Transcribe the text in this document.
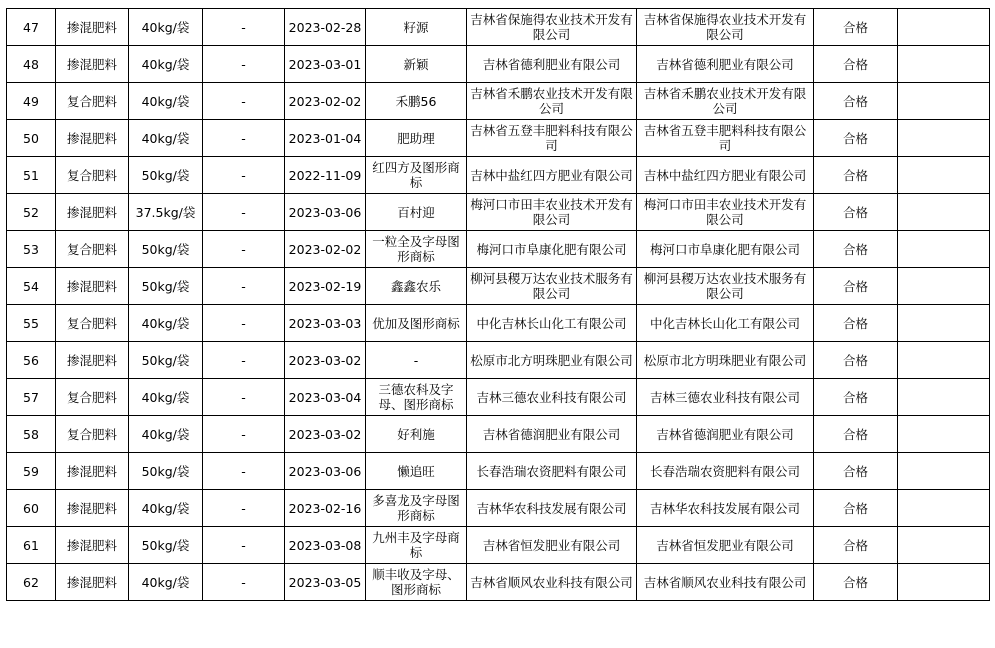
47	掺混肥料	40kg/袋	-	2023-02-28	籽源	吉林省保施得农业技术开发有限公司	吉林省保施得农业技术开发有限公司	合格	
48	掺混肥料	40kg/袋	-	2023-03-01	新颖	吉林省德利肥业有限公司	吉林省德利肥业有限公司	合格	
49	复合肥料	40kg/袋	-	2023-02-02	禾鹏56	吉林省禾鹏农业技术开发有限公司	吉林省禾鹏农业技术开发有限公司	合格	
50	掺混肥料	40kg/袋	-	2023-01-04	肥助理	吉林省五登丰肥料科技有限公司	吉林省五登丰肥料科技有限公司	合格	
51	复合肥料	50kg/袋	-	2022-11-09	红四方及图形商标	吉林中盐红四方肥业有限公司	吉林中盐红四方肥业有限公司	合格	
52	掺混肥料	37.5kg/袋	-	2023-03-06	百村迎	梅河口市田丰农业技术开发有限公司	梅河口市田丰农业技术开发有限公司	合格	
53	复合肥料	50kg/袋	-	2023-02-02	一粒全及字母图形商标	梅河口市阜康化肥有限公司	梅河口市阜康化肥有限公司	合格	
54	掺混肥料	50kg/袋	-	2023-02-19	鑫鑫农乐	柳河县稷万达农业技术服务有限公司	柳河县稷万达农业技术服务有限公司	合格	
55	复合肥料	40kg/袋	-	2023-03-03	优加及图形商标	中化吉林长山化工有限公司	中化吉林长山化工有限公司	合格	
56	掺混肥料	50kg/袋	-	2023-03-02	-	松原市北方明珠肥业有限公司	松原市北方明珠肥业有限公司	合格	
57	复合肥料	40kg/袋	-	2023-03-04	三德农科及字母、图形商标	吉林三德农业科技有限公司	吉林三德农业科技有限公司	合格	
58	复合肥料	40kg/袋	-	2023-03-02	好利施	吉林省德润肥业有限公司	吉林省德润肥业有限公司	合格	
59	掺混肥料	50kg/袋	-	2023-03-06	懒追旺	长春浩瑞农资肥料有限公司	长春浩瑞农资肥料有限公司	合格	
60	掺混肥料	40kg/袋	-	2023-02-16	多喜龙及字母图形商标	吉林华农科技发展有限公司	吉林华农科技发展有限公司	合格	
61	掺混肥料	50kg/袋	-	2023-03-08	九州丰及字母商标	吉林省恒发肥业有限公司	吉林省恒发肥业有限公司	合格	
62	掺混肥料	40kg/袋	-	2023-03-05	顺丰收及字母、图形商标	吉林省顺风农业科技有限公司	吉林省顺风农业科技有限公司	合格	
